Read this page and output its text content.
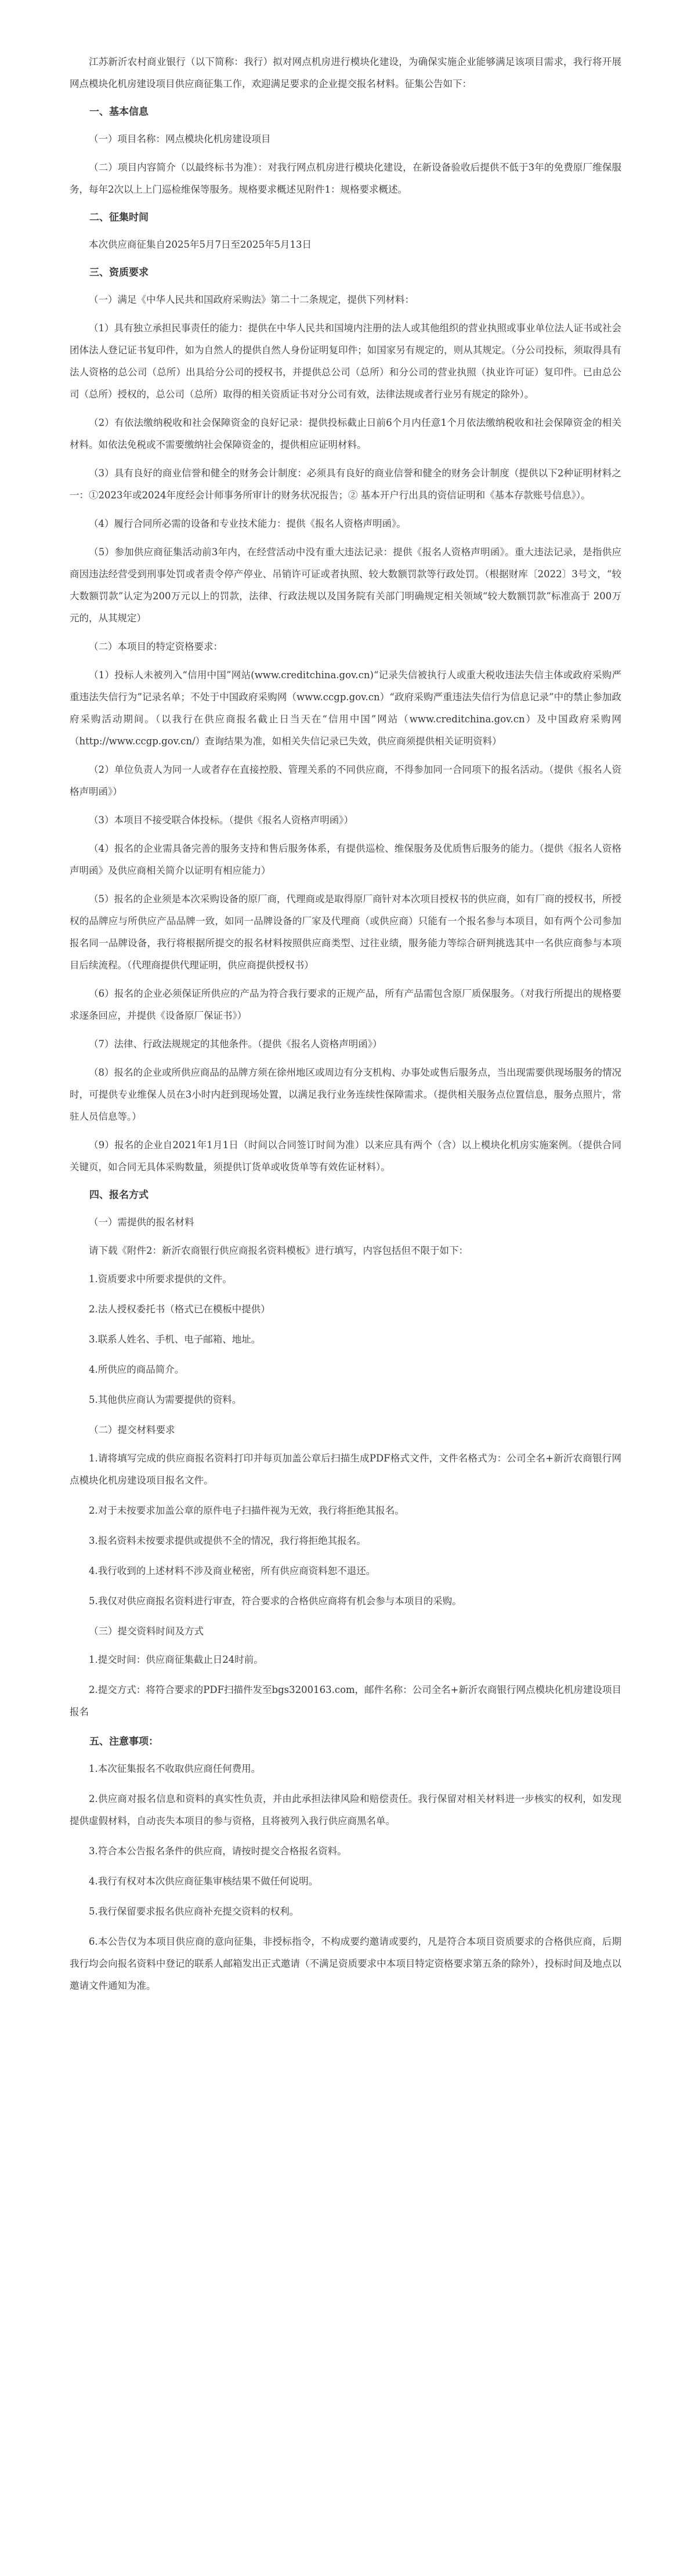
江苏新沂农村商业银行（以下简称：我行）拟对网点机房进行模块化建设，为确保实施企业能够满足该项目需求，我行将开展网点模块化机房建设项目供应商征集工作，欢迎满足要求的企业提交报名材料。征集公告如下：

一、基本信息

（一）项目名称：网点模块化机房建设项目

（二）项目内容简介（以最终标书为准）：对我行网点机房进行模块化建设，在新设备验收后提供不低于3年的免费原厂维保服务，每年2次以上上门巡检维保等服务。规格要求概述见附件1：规格要求概述。

二、征集时间

本次供应商征集自2025年5月7日至2025年5月13日

三、资质要求

（一）满足《中华人民共和国政府采购法》第二十二条规定，提供下列材料：

（1）具有独立承担民事责任的能力：提供在中华人民共和国境内注册的法人或其他组织的营业执照或事业单位法人证书或社会团体法人登记证书复印件，如为自然人的提供自然人身份证明复印件；如国家另有规定的，则从其规定。（分公司投标，须取得具有法人资格的总公司（总所）出具给分公司的授权书，并提供总公司（总所）和分公司的营业执照（执业许可证）复印件。已由总公司（总所）授权的，总公司（总所）取得的相关资质证书对分公司有效，法律法规或者行业另有规定的除外）。

（2）有依法缴纳税收和社会保障资金的良好记录：提供投标截止日前6个月内任意1个月依法缴纳税收和社会保障资金的相关材料。如依法免税或不需要缴纳社会保障资金的，提供相应证明材料。

（3）具有良好的商业信誉和健全的财务会计制度：必须具有良好的商业信誉和健全的财务会计制度（提供以下2种证明材料之一：①2023年或2024年度经会计师事务所审计的财务状况报告；② 基本开户行出具的资信证明和《基本存款账号信息》）。

（4）履行合同所必需的设备和专业技术能力：提供《报名人资格声明函》。

（5）参加供应商征集活动前3年内，在经营活动中没有重大违法记录：提供《报名人资格声明函》。重大违法记录，是指供应商因违法经营受到刑事处罚或者责令停产停业、吊销许可证或者执照、较大数额罚款等行政处罚。（根据财库〔2022〕3号文，“较大数额罚款”认定为200万元以上的罚款，法律、行政法规以及国务院有关部门明确规定相关领域“较大数额罚款”标准高于 200万元的，从其规定）

（二）本项目的特定资格要求：

（1）投标人未被列入“信用中国”网站(www.creditchina.gov.cn)“记录失信被执行人或重大税收违法失信主体或政府采购严重违法失信行为”记录名单；不处于中国政府采购网（www.ccgp.gov.cn）“政府采购严重违法失信行为信息记录”中的禁止参加政府采购活动期间。（以我行在供应商报名截止日当天在“信用中国”网站（www.creditchina.gov.cn）及中国政府采购网（http://www.ccgp.gov.cn/）查询结果为准，如相关失信记录已失效，供应商须提供相关证明资料）

（2）单位负责人为同一人或者存在直接控股、管理关系的不同供应商，不得参加同一合同项下的报名活动。（提供《报名人资格声明函》）

（3）本项目不接受联合体投标。（提供《报名人资格声明函》）

（4）报名的企业需具备完善的服务支持和售后服务体系，有提供巡检、维保服务及优质售后服务的能力。（提供《报名人资格声明函》及供应商相关简介以证明有相应能力）

（5）报名的企业须是本次采购设备的原厂商，代理商或是取得原厂商针对本次项目授权书的供应商，如有厂商的授权书，所授权的品牌应与所供应产品品牌一致，如同一品牌设备的厂家及代理商（或供应商）只能有一个报名参与本项目，如有两个公司参加报名同一品牌设备，我行将根据所提交的报名材料按照供应商类型、过往业绩，服务能力等综合研判挑选其中一名供应商参与本项目后续流程。（代理商提供代理证明，供应商提供授权书）

（6）报名的企业必须保证所供应的产品为符合我行要求的正规产品，所有产品需包含原厂质保服务。（对我行所提出的规格要求逐条回应，并提供《设备原厂保证书》）

（7）法律、行政法规规定的其他条件。（提供《报名人资格声明函》）

（8）报名的企业或所供应商品的品牌方须在徐州地区或周边有分支机构、办事处或售后服务点，当出现需要供现场服务的情况时，可提供专业维保人员在3小时内赶到现场处置，以满足我行业务连续性保障需求。（提供相关服务点位置信息，服务点照片，常驻人员信息等。）

（9）报名的企业自2021年1月1日（时间以合同签订时间为准）以来应具有两个（含）以上模块化机房实施案例。（提供合同关键页，如合同无具体采购数量，须提供订货单或收货单等有效佐证材料）。

四、报名方式

（一）需提供的报名材料

请下载《附件2：新沂农商银行供应商报名资料模板》进行填写，内容包括但不限于如下：

1.资质要求中所要求提供的文件。

2.法人授权委托书（格式已在模板中提供）

3.联系人姓名、手机、电子邮箱、地址。

4.所供应的商品简介。

5.其他供应商认为需要提供的资料。

（二）提交材料要求

1.请将填写完成的供应商报名资料打印并每页加盖公章后扫描生成PDF格式文件，文件名格式为：公司全名+新沂农商银行网点模块化机房建设项目报名文件。

2.对于未按要求加盖公章的原件电子扫描件视为无效，我行将拒绝其报名。

3.报名资料未按要求提供或提供不全的情况，我行将拒绝其报名。

4.我行收到的上述材料不涉及商业秘密，所有供应商资料恕不退还。

5.我仅对供应商报名资料进行审查，符合要求的合格供应商将有机会参与本项目的采购。

（三）提交资料时间及方式

1.提交时间：供应商征集截止日24时前。

2.提交方式：将符合要求的PDF扫描件发至bgs3200163.com，邮件名称：公司全名+新沂农商银行网点模块化机房建设项目报名

五、注意事项：

1.本次征集报名不收取供应商任何费用。

2.供应商对报名信息和资料的真实性负责，并由此承担法律风险和赔偿责任。我行保留对相关材料进一步核实的权利，如发现提供虚假材料，自动丧失本项目的参与资格，且将被列入我行供应商黑名单。

3.符合本公告报名条件的供应商，请按时提交合格报名资料。

4.我行有权对本次供应商征集审核结果不做任何说明。

5.我行保留要求报名供应商补充提交资料的权利。

6.本公告仅为本项目供应商的意向征集，非授标指令，不构成要约邀请或要约，凡是符合本项目资质要求的合格供应商，后期我行均会向报名资料中登记的联系人邮箱发出正式邀请（不满足资质要求中本项目特定资格要求第五条的除外），投标时间及地点以邀请文件通知为准。
